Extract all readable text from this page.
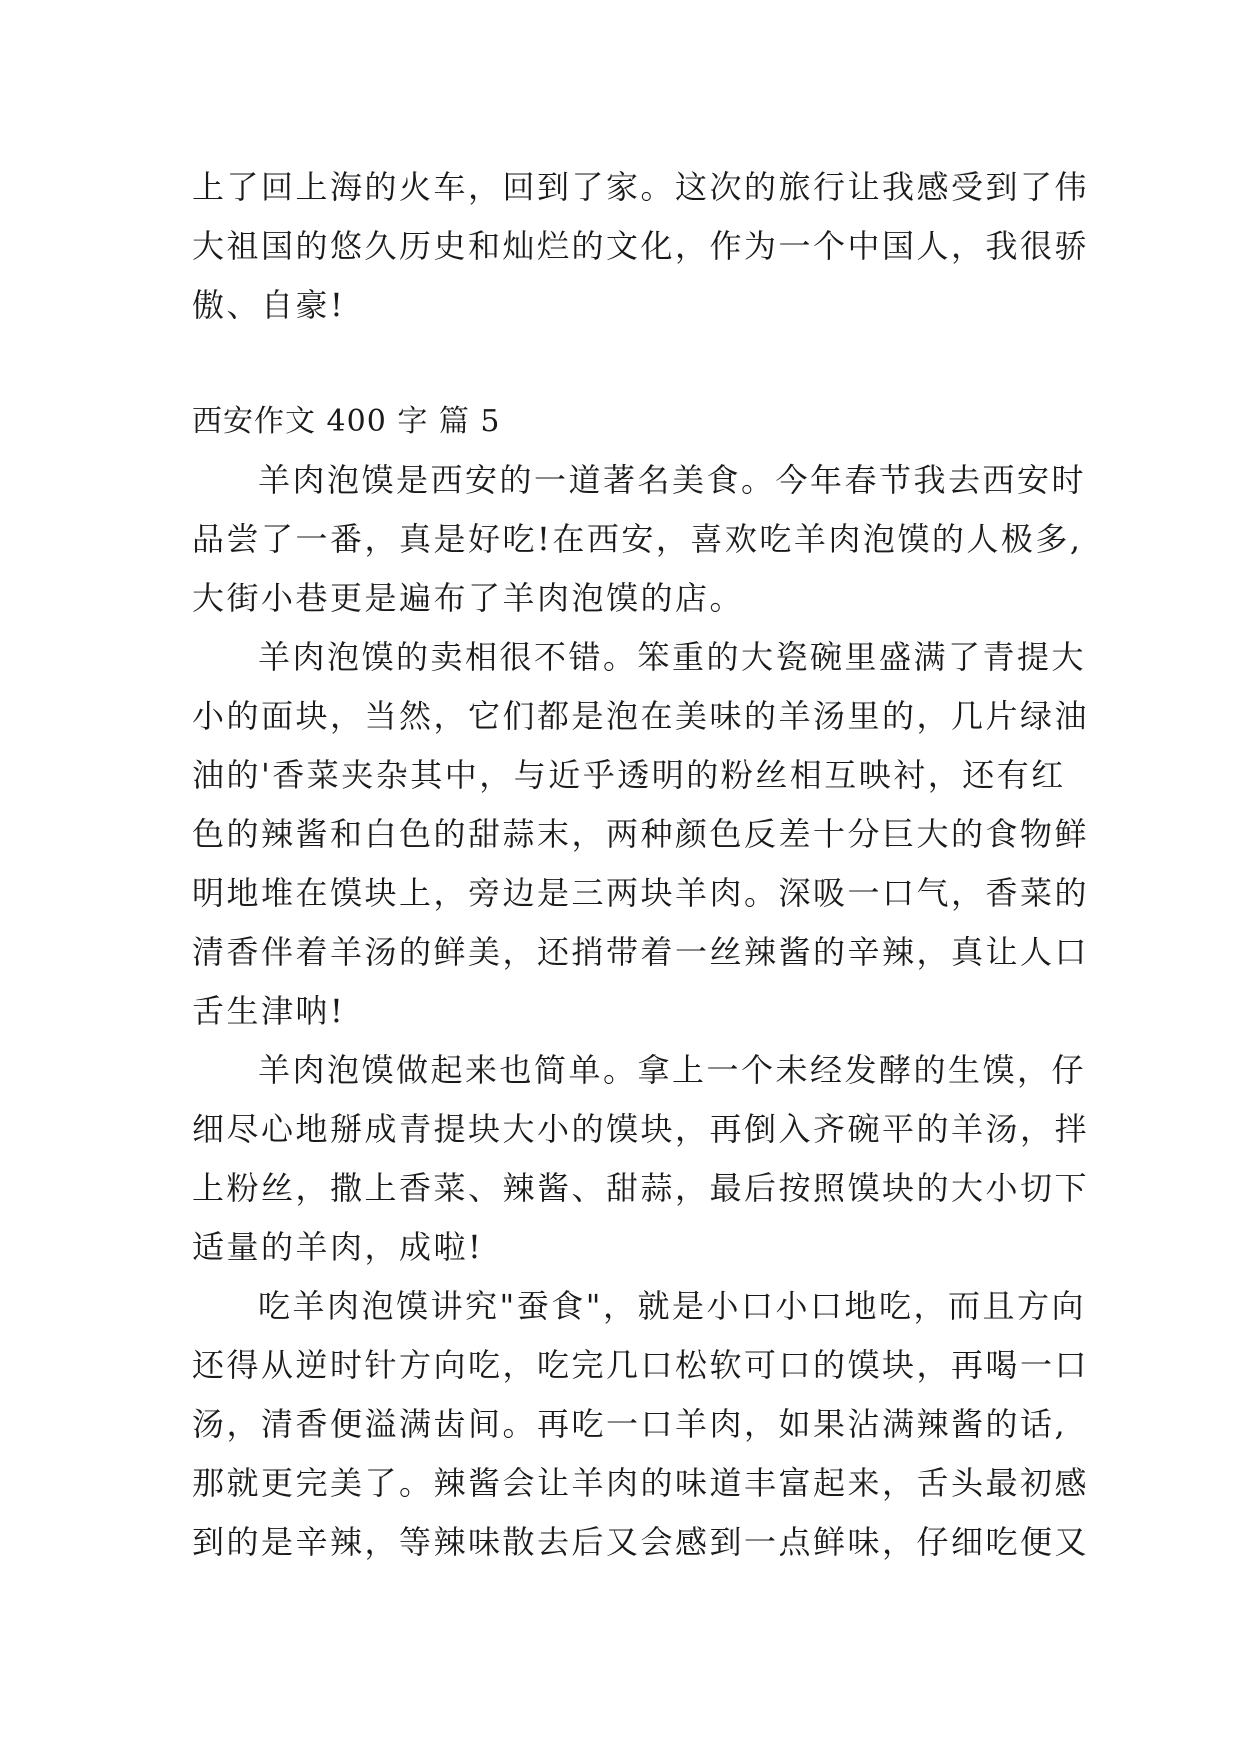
上了回上海的火车，回到了家。这次的旅行让我感受到了伟
大祖国的悠久历史和灿烂的文化，作为一个中国人，我很骄
傲、自豪!
西安作文 400 字 篇 5
羊肉泡馍是西安的一道著名美食。今年春节我去西安时
品尝了一番，真是好吃!在西安，喜欢吃羊肉泡馍的人极多,
大街小巷更是遍布了羊肉泡馍的店。
羊肉泡馍的卖相很不错。笨重的大瓷碗里盛满了青提大
小的面块，当然，它们都是泡在美味的羊汤里的，几片绿油
油的'香菜夹杂其中，与近乎透明的粉丝相互映衬，还有红
色的辣酱和白色的甜蒜末，两种颜色反差十分巨大的食物鲜
明地堆在馍块上，旁边是三两块羊肉。深吸一口气，香菜的
清香伴着羊汤的鲜美，还捎带着一丝辣酱的辛辣，真让人口
舌生津呐!
羊肉泡馍做起来也简单。拿上一个未经发酵的生馍，仔
细尽心地掰成青提块大小的馍块，再倒入齐碗平的羊汤，拌
上粉丝，撒上香菜、辣酱、甜蒜，最后按照馍块的大小切下
适量的羊肉，成啦!
吃羊肉泡馍讲究"蚕食"，就是小口小口地吃，而且方向
还得从逆时针方向吃，吃完几口松软可口的馍块，再喝一口
汤，清香便溢满齿间。再吃一口羊肉，如果沾满辣酱的话,
那就更完美了。辣酱会让羊肉的味道丰富起来，舌头最初感
到的是辛辣，等辣味散去后又会感到一点鲜味，仔细吃便又
